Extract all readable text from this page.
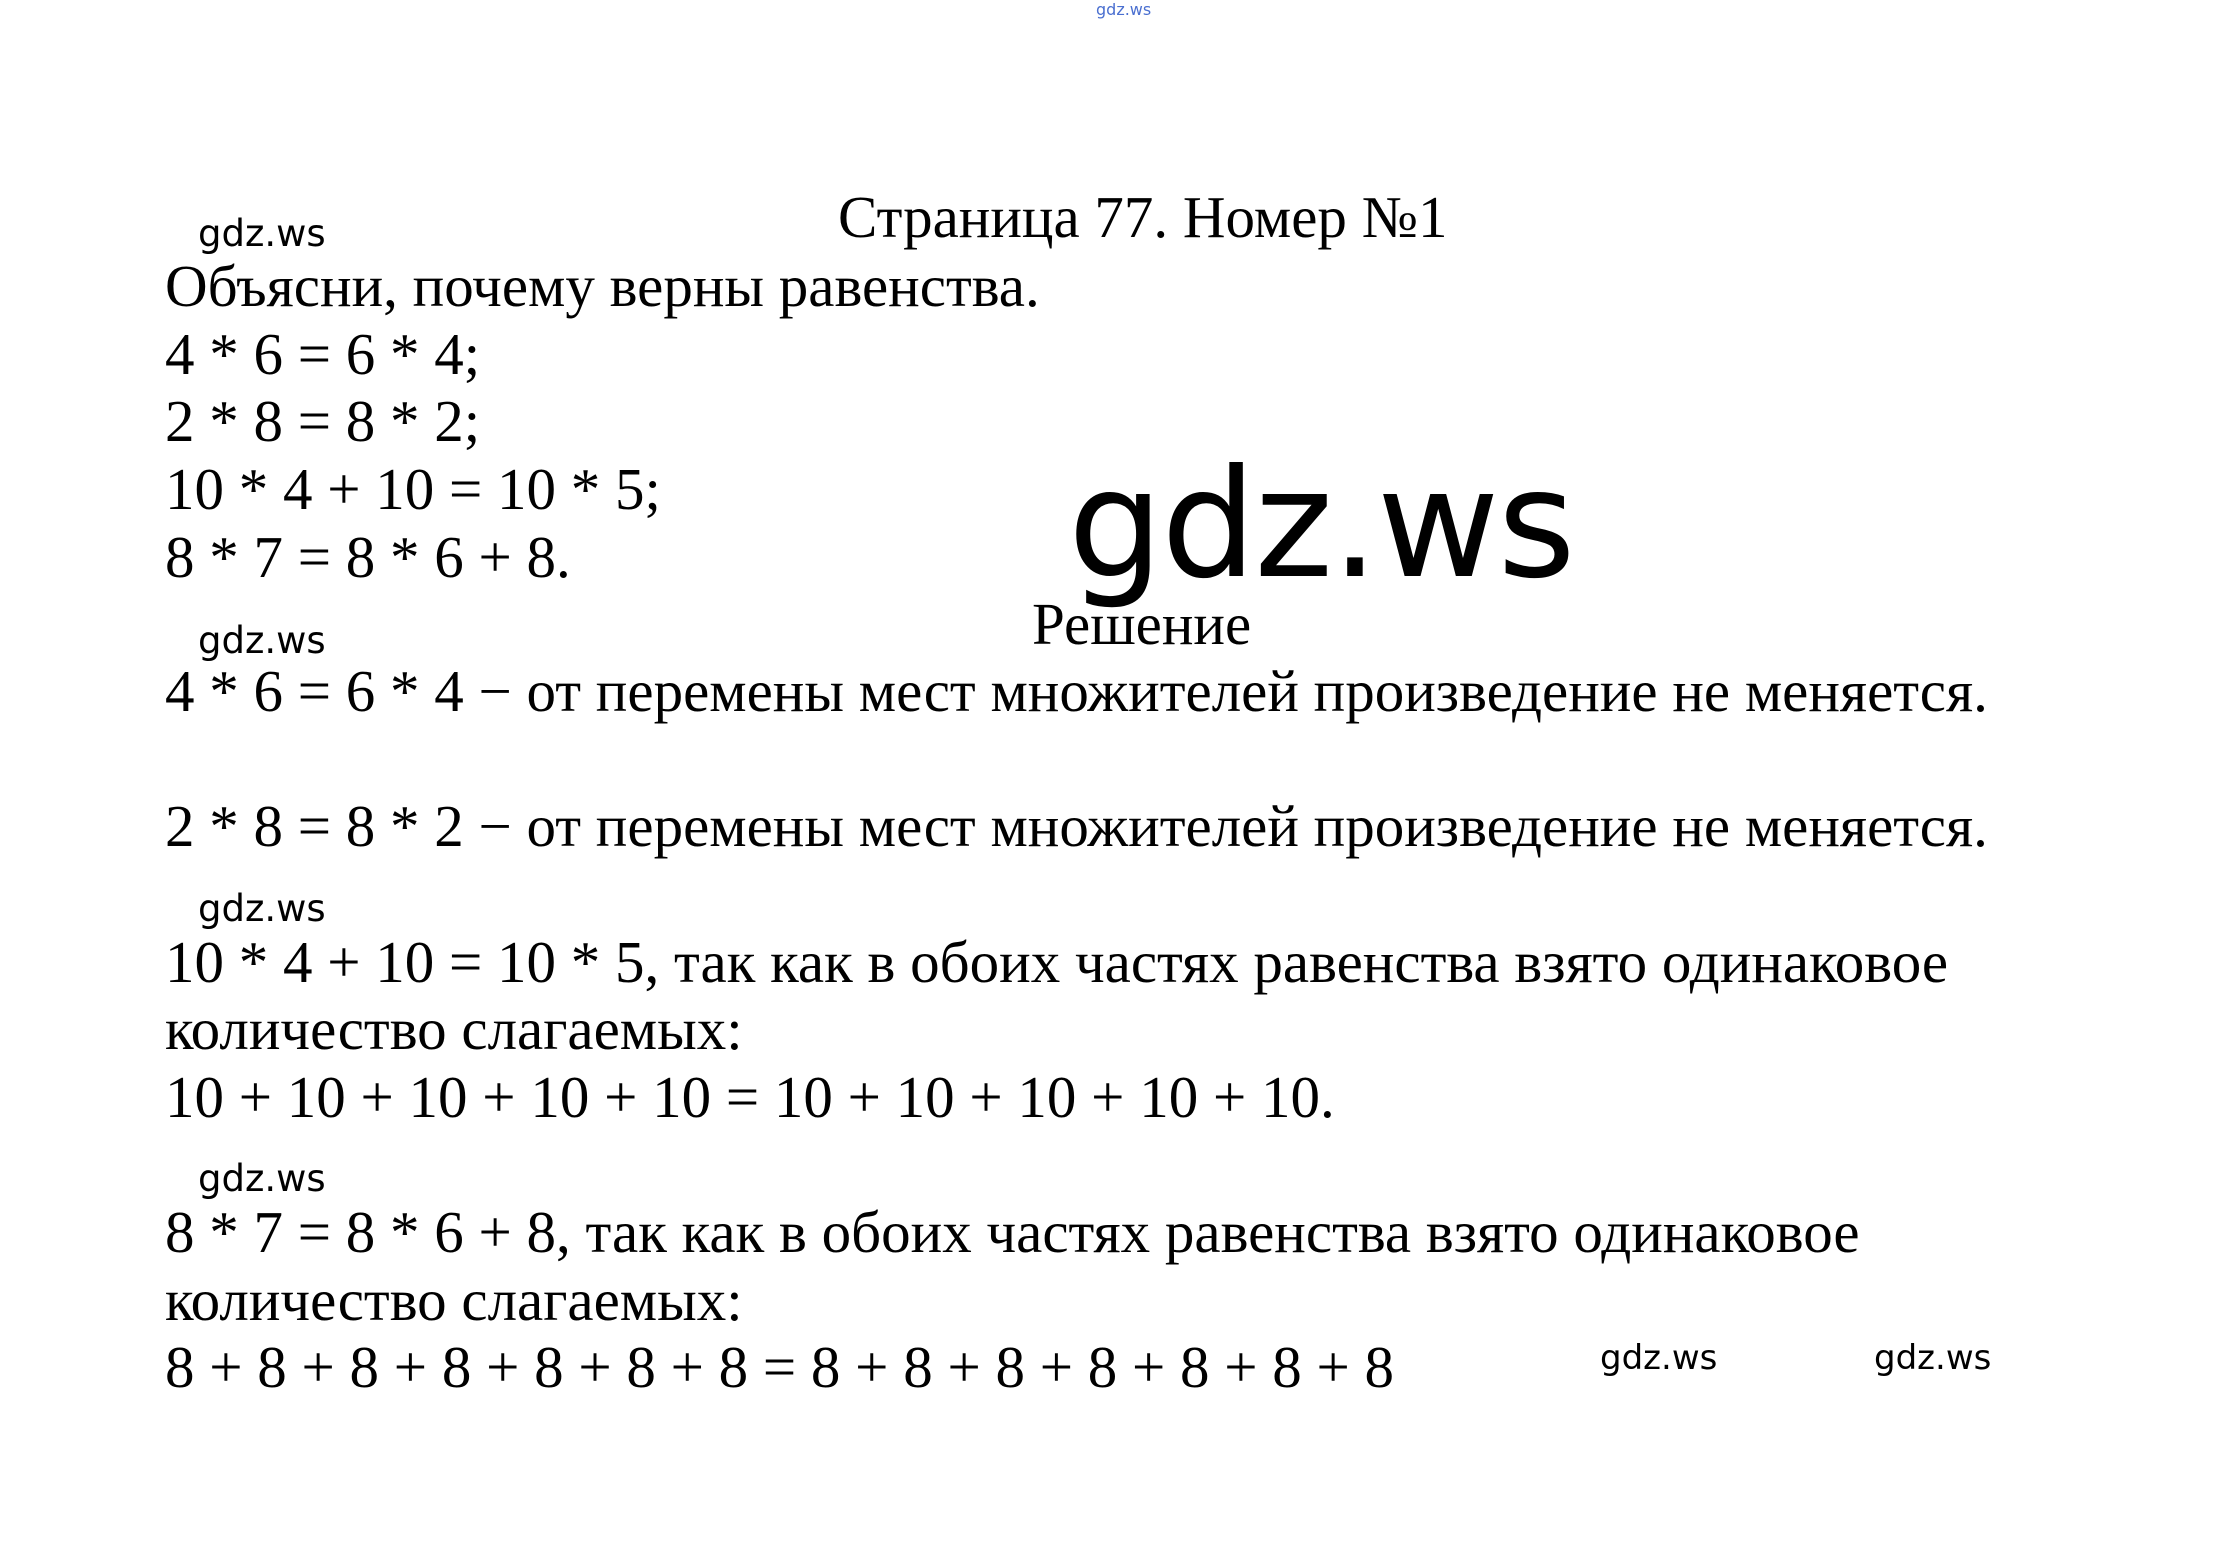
gdz.ws
Страница 77. Номер №1
gdz.ws
Объясни, почему верны равенства.
4 * 6 = 6 * 4;
2 * 8 = 8 * 2;
10 * 4 + 10 = 10 * 5;
8 * 7 = 8 * 6 + 8.	gdz.ws
gdz.ws	Решение
4 * 6 = 6 * 4 − от перемены мест множителей произведение не меняется.
2 * 8 = 8 * 2 − от перемены мест множителей произведение не меняется.
gdz.ws
10 * 4 + 10 = 10 * 5, так как в обоих частях равенства взято одинаковое
количество слагаемых:
10 + 10 + 10 + 10 + 10 = 10 + 10 + 10 + 10 + 10.
gdz.ws
8 * 7 = 8 * 6 + 8, так как в обоих частях равенства взято одинаковое
количество слагаемых:
8 + 8 + 8 + 8 + 8 + 8 + 8 = 8 + 8 + 8 + 8 + 8 + 8 + 8	gdz.ws	gdz.ws
